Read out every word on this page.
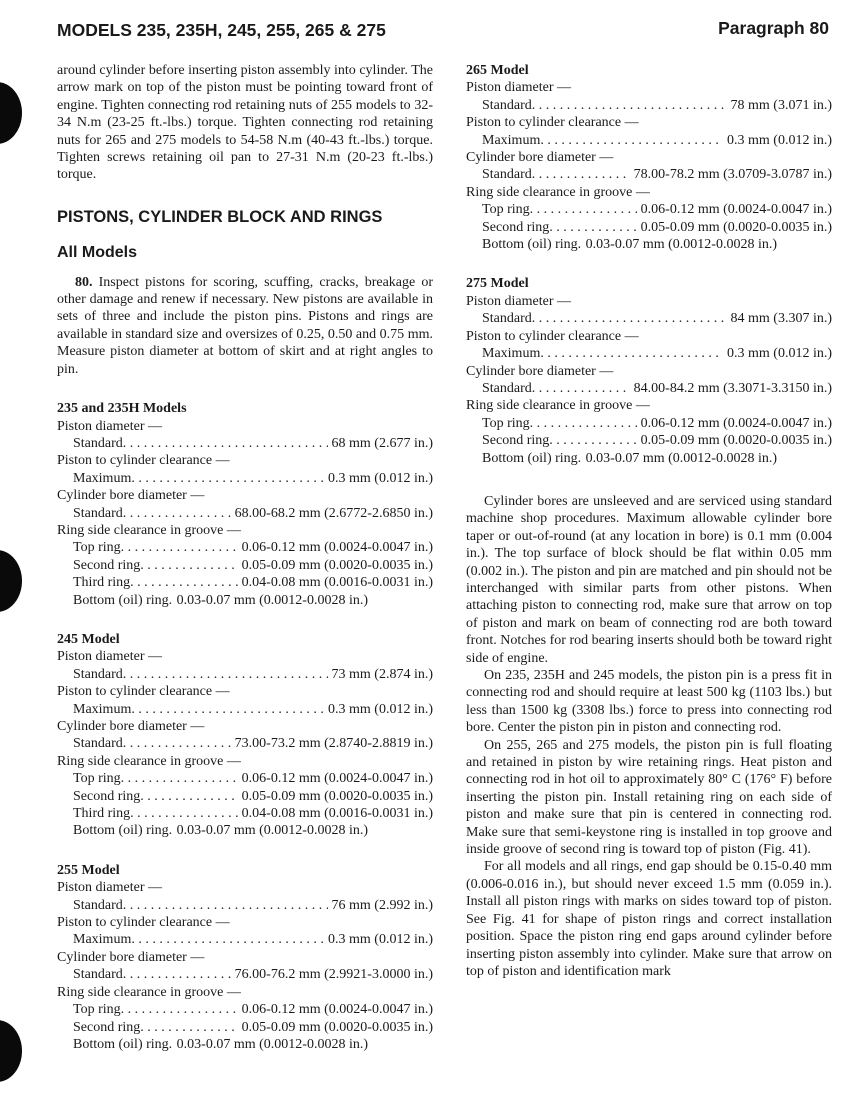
MODELS 235, 235H, 245, 255, 265 & 275	Paragraph 80

around cylinder before inserting piston assembly into cylinder. The arrow mark on top of the piston must be pointing toward front of engine. Tighten connecting rod retaining nuts of 255 models to 32-34 N.m (23-25 ft.-lbs.) torque. Tighten connecting rod retaining nuts for 265 and 275 models to 54-58 N.m (40-43 ft.-lbs.) torque. Tighten screws retaining oil pan to 27-31 N.m (20-23 ft.-lbs.) torque.

PISTONS, CYLINDER BLOCK AND RINGS
All Models

80. Inspect pistons for scoring, scuffing, cracks, breakage or other damage and renew if necessary. New pistons are available in sets of three and include the piston pins. Pistons and rings are available in standard size and oversizes of 0.25, 0.50 and 0.75 mm. Measure piston diameter at bottom of skirt and at right angles to pin.

235 and 235H Models
Piston diameter —
Standard . . .	68 mm (2.677 in.)
Piston to cylinder clearance —
Maximum . . .	0.3 mm (0.012 in.)
Cylinder bore diameter —
Standard . . .	68.00-68.2 mm (2.6772-2.6850 in.)
Ring side clearance in groove —
Top ring . . .	0.06-0.12 mm (0.0024-0.0047 in.)
Second ring . . .	0.05-0.09 mm (0.0020-0.0035 in.)
Third ring . . .	0.04-0.08 mm (0.0016-0.0031 in.)
Bottom (oil) ring . . . 0.03-0.07 mm (0.0012-0.0028 in.)
245 Model
Piston diameter —
Standard . . .	73 mm (2.874 in.)
Piston to cylinder clearance —
Maximum . . .	0.3 mm (0.012 in.)
Cylinder bore diameter —
Standard . . .	73.00-73.2 mm (2.8740-2.8819 in.)
Ring side clearance in groove —
Top ring . . .	0.06-0.12 mm (0.0024-0.0047 in.)
Second ring . . .	0.05-0.09 mm (0.0020-0.0035 in.)
Third ring . . .	0.04-0.08 mm (0.0016-0.0031 in.)
Bottom (oil) ring . . . 0.03-0.07 mm (0.0012-0.0028 in.)
255 Model
Piston diameter —
Standard . . .	76 mm (2.992 in.)
Piston to cylinder clearance —
Maximum . . .	0.3 mm (0.012 in.)
Cylinder bore diameter —
Standard . . .	76.00-76.2 mm (2.9921-3.0000 in.)
Ring side clearance in groove —
Top ring . . .	0.06-0.12 mm (0.0024-0.0047 in.)
Second ring . . .	0.05-0.09 mm (0.0020-0.0035 in.)
Bottom (oil) ring . . . 0.03-0.07 mm (0.0012-0.0028 in.)
265 Model
Piston diameter —
Standard . . .	78 mm (3.071 in.)
Piston to cylinder clearance —
Maximum . . .	0.3 mm (0.012 in.)
Cylinder bore diameter —
Standard . . .	78.00-78.2 mm (3.0709-3.0787 in.)
Ring side clearance in groove —
Top ring . . .	0.06-0.12 mm (0.0024-0.0047 in.)
Second ring . . .	0.05-0.09 mm (0.0020-0.0035 in.)
Bottom (oil) ring . . . 0.03-0.07 mm (0.0012-0.0028 in.)
275 Model
Piston diameter —
Standard . . .	84 mm (3.307 in.)
Piston to cylinder clearance —
Maximum . . .	0.3 mm (0.012 in.)
Cylinder bore diameter —
Standard . . .	84.00-84.2 mm (3.3071-3.3150 in.)
Ring side clearance in groove —
Top ring . . .	0.06-0.12 mm (0.0024-0.0047 in.)
Second ring . . .	0.05-0.09 mm (0.0020-0.0035 in.)
Bottom (oil) ring . . . 0.03-0.07 mm (0.0012-0.0028 in.)

Cylinder bores are unsleeved and are serviced using standard machine shop procedures. Maximum allowable cylinder bore taper or out-of-round (at any location in bore) is 0.1 mm (0.004 in.). The top surface of block should be flat within 0.05 mm (0.002 in.). The piston and pin are matched and pin should not be interchanged with similar parts from other pistons. When attaching piston to connecting rod, make sure that arrow on top of piston and mark on beam of connecting rod are both toward front. Notches for rod bearing inserts should both be toward right side of engine.

On 235, 235H and 245 models, the piston pin is a press fit in connecting rod and should require at least 500 kg (1103 lbs.) but less than 1500 kg (3308 lbs.) force to press into connecting rod bore. Center the piston pin in piston and connecting rod.

On 255, 265 and 275 models, the piston pin is full floating and retained in piston by wire retaining rings. Heat piston and connecting rod in hot oil to approximately 80° C (176° F) before inserting the piston pin. Install retaining ring on each side of piston and make sure that pin is centered in connecting rod. Make sure that semi-keystone ring is installed in top groove and inside groove of second ring is toward top of piston (Fig. 41).

For all models and all rings, end gap should be 0.15-0.40 mm (0.006-0.016 in.), but should never exceed 1.5 mm (0.059 in.). Install all piston rings with marks on sides toward top of piston. See Fig. 41 for shape of piston rings and correct installation position. Space the piston ring end gaps around cylinder before inserting piston assembly into cylinder. Make sure that arrow on top of piston and identification mark
